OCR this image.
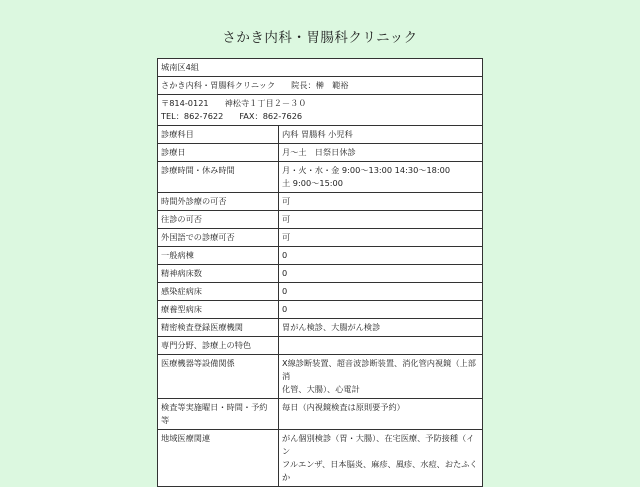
さかき内科・胃腸科クリニック
城南区4組	
さかき内科・胃腸科クリニック 院長：榊　範裕	

〒814-0121 神松寺１丁目２－３０
TEL：862-7622 FAX：862-7626	

診療科目	内科 胃腸科 小児科
診療日	月～土　日祭日休診
診療時間・休み時間	月・火・水・金 9:00～13:00 14:30～18:00
土 9:00～15:00

時間外診療の可否	可
往診の可否	可
外国語での診療可否	可
一般病棟	0
精神病床数	0
感染症病床	0
療養型病床	0
精密検査登録医療機関	胃がん検診、大腸がん検診
専門分野、診療上の特色	
医療機器等設備関係	X線診断装置、超音波診断装置、消化管内視鏡（上部消
化管、大腸）、心電計

検査等実施曜日・時間・予約等	毎日（内視鏡検査は原則要予約）
地域医療関連	がん個別検診（胃・大腸）、在宅医療、予防接種（イン
フルエンザ、日本脳炎、麻疹、風疹、水痘、おたふくか
